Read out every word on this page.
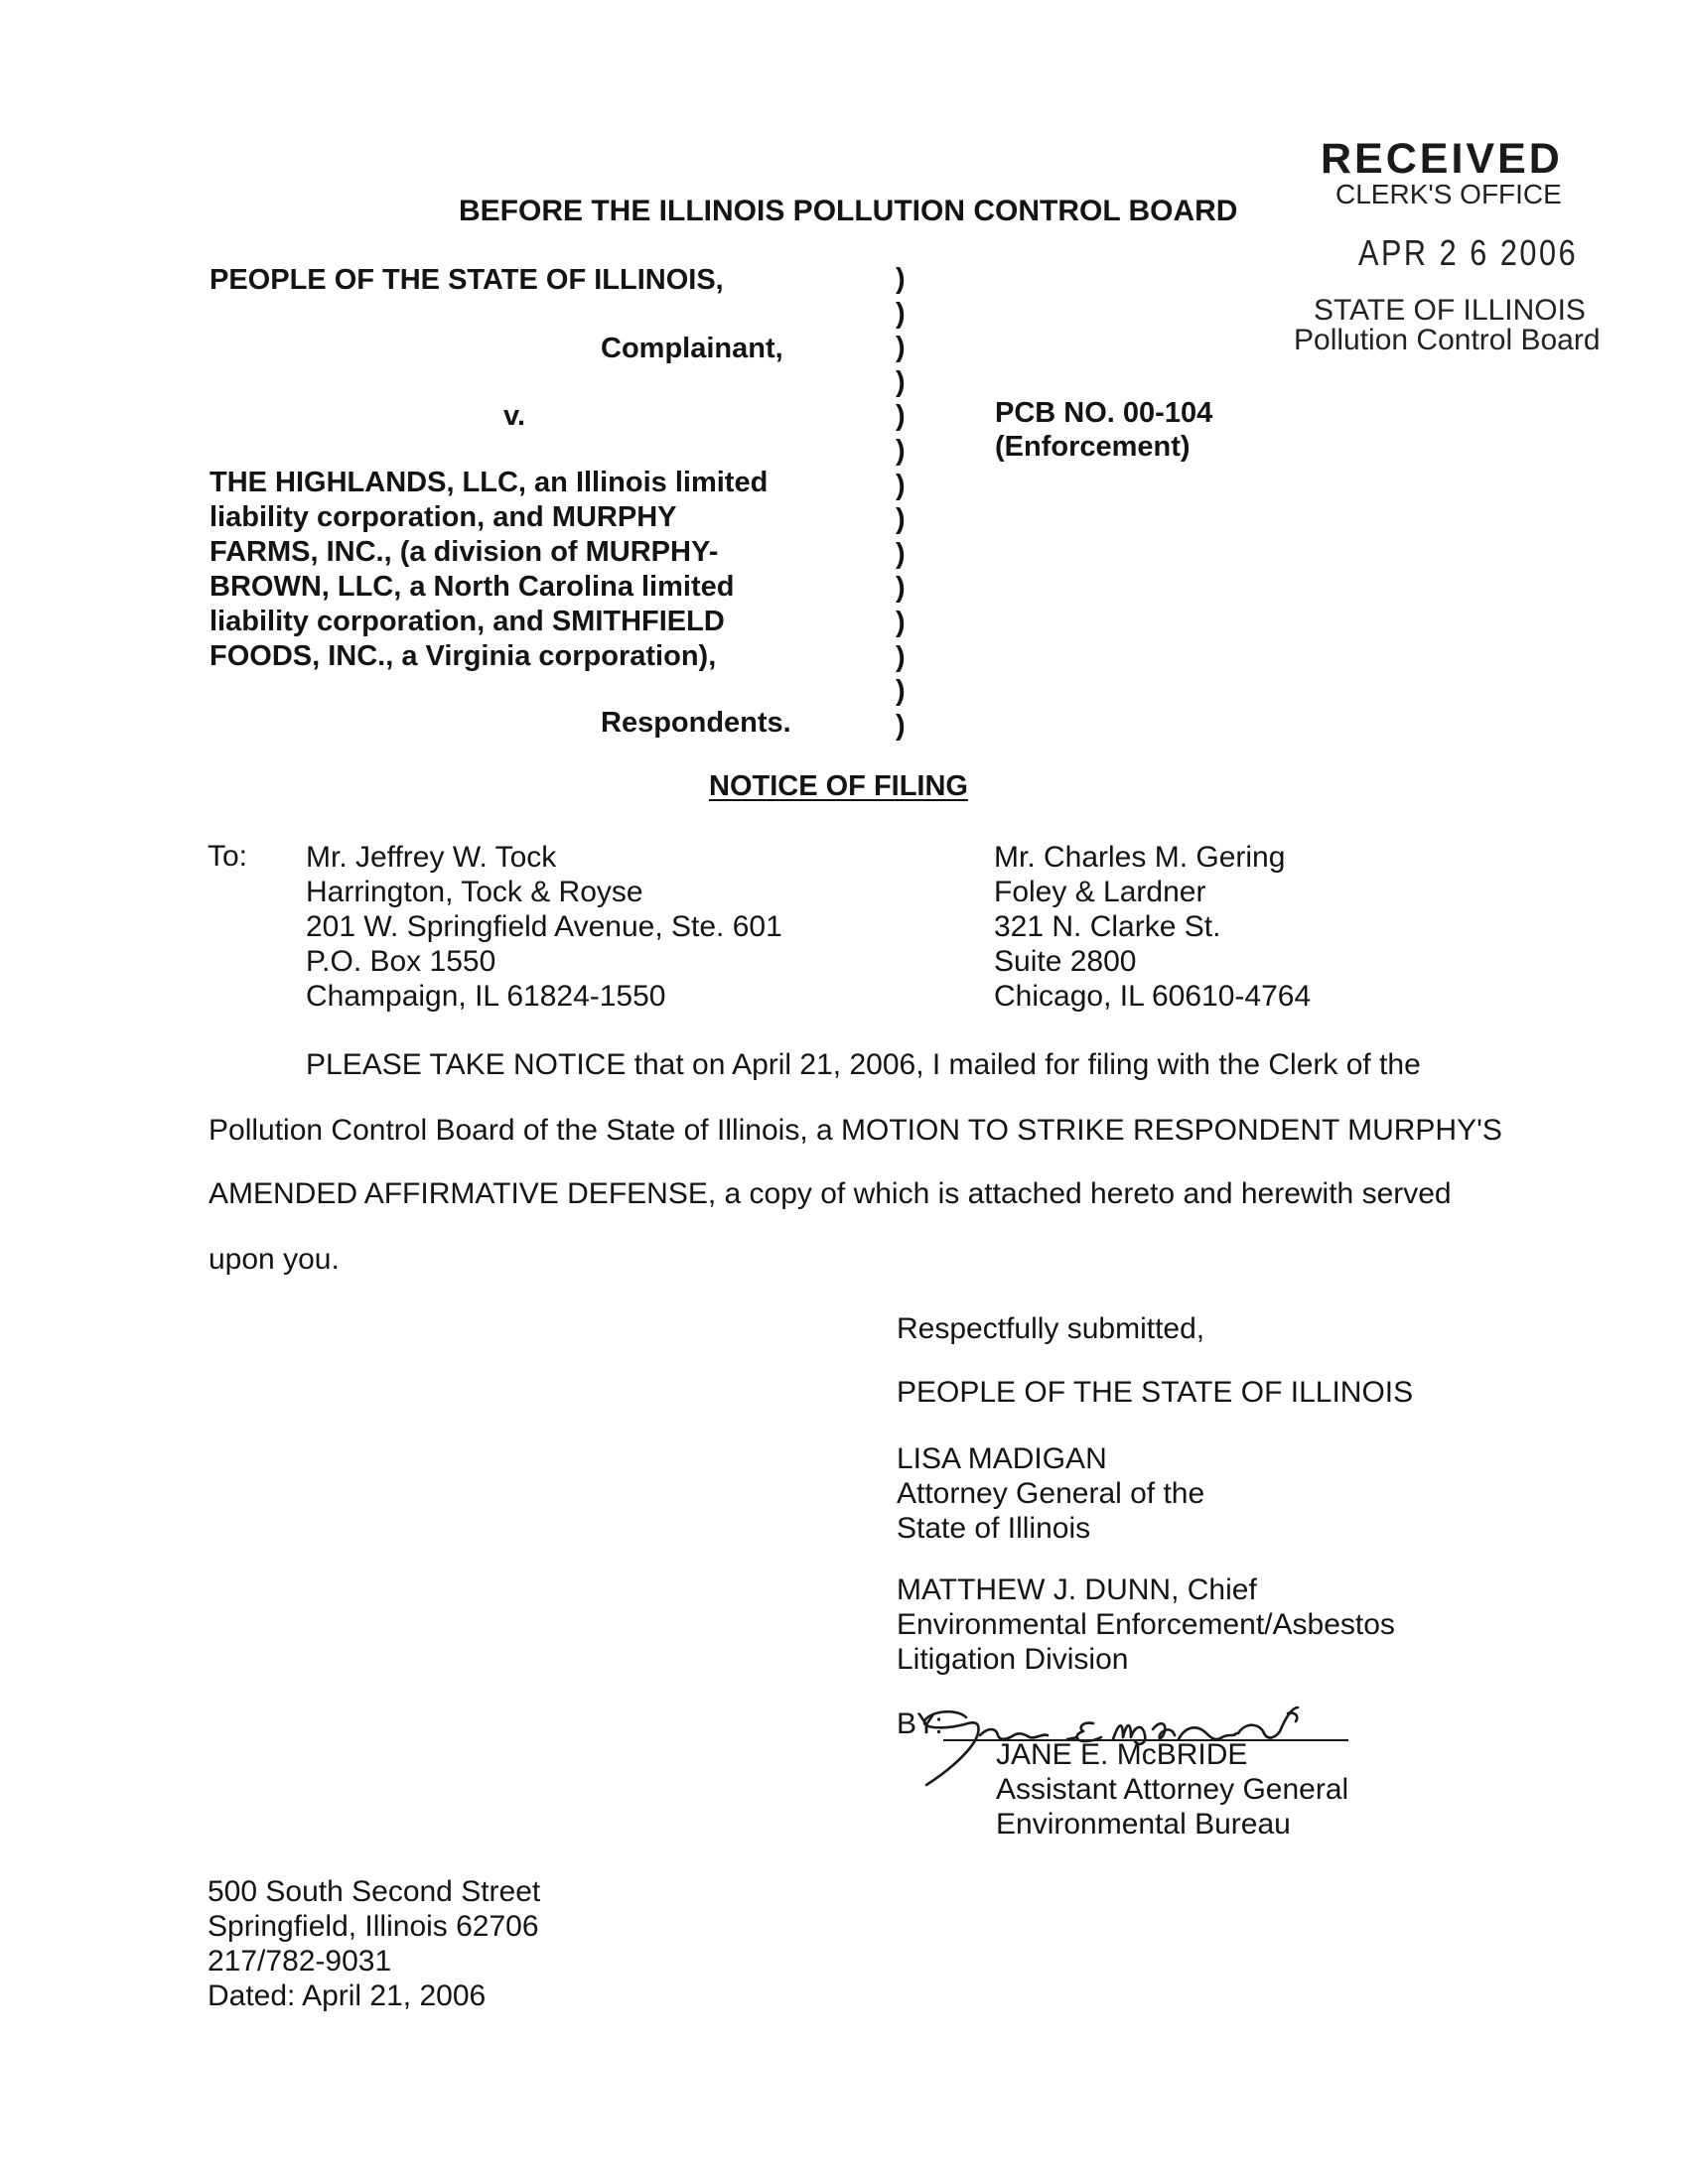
RECEIVED
CLERK'S OFFICE
APR 2 6 2006
STATE OF ILLINOIS
Pollution Control Board
BEFORE THE ILLINOIS POLLUTION CONTROL BOARD
PEOPLE OF THE STATE OF ILLINOIS,
Complainant,
v.
THE HIGHLANDS, LLC, an Illinois limited
liability corporation, and MURPHY
FARMS, INC., (a division of MURPHY-
BROWN, LLC, a North Carolina limited
liability corporation, and SMITHFIELD
FOODS, INC., a Virginia corporation),
Respondents.
)
)
)
)
)
)
)
)
)
)
)
)
)
)
PCB NO. 00-104
(Enforcement)
NOTICE OF FILING
To: Mr. Jeffrey W. Tock
Harrington, Tock & Royse
201 W. Springfield Avenue, Ste. 601
P.O. Box 1550
Champaign, IL 61824-1550
Mr. Charles M. Gering
Foley & Lardner
321 N. Clarke St.
Suite 2800
Chicago, IL 60610-4764
PLEASE TAKE NOTICE that on April 21, 2006, I mailed for filing with the Clerk of the
Pollution Control Board of the State of Illinois, a MOTION TO STRIKE RESPONDENT MURPHY'S
AMENDED AFFIRMATIVE DEFENSE, a copy of which is attached hereto and herewith served
upon you.
Respectfully submitted,
PEOPLE OF THE STATE OF ILLINOIS
LISA MADIGAN
Attorney General of the
State of Illinois
MATTHEW J. DUNN, Chief
Environmental Enforcement/Asbestos
Litigation Division
BY:
JANE E. McBRIDE
Assistant Attorney General
Environmental Bureau
500 South Second Street
Springfield, Illinois 62706
217/782-9031
Dated: April 21, 2006
